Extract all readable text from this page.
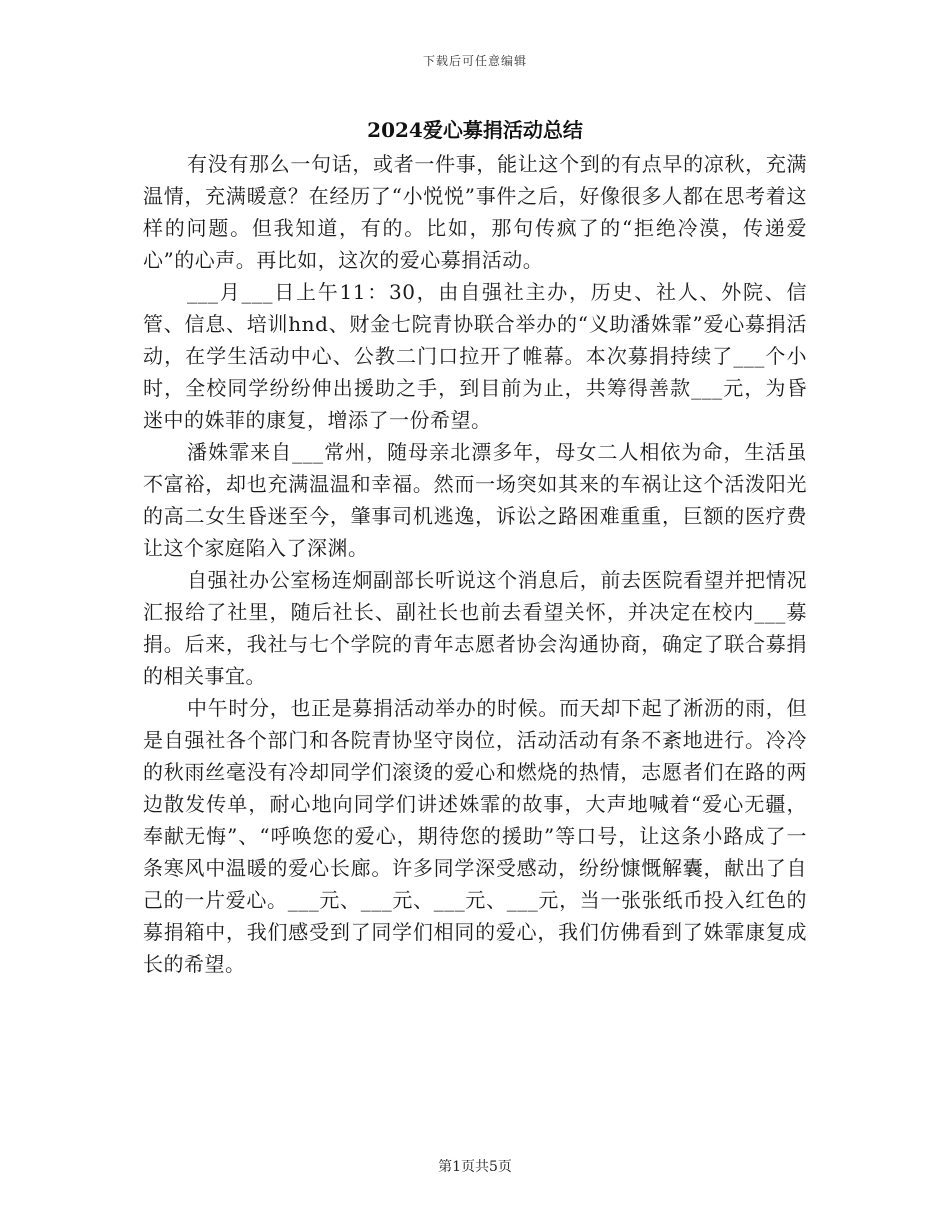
下载后可任意编辑
2024爱心募捐活动总结

有没有那么一句话，或者一件事，能让这个到的有点早的凉秋，充满温情，充满暖意？在经历了“小悦悦”事件之后，好像很多人都在思考着这样的问题。但我知道，有的。比如，那句传疯了的“拒绝冷漠，传递爱心”的心声。再比如，这次的爱心募捐活动。

___月___日上午11：30，由自强社主办，历史、社人、外院、信管、信息、培训hnd、财金七院青协联合举办的“义助潘姝霏”爱心募捐活动，在学生活动中心、公教二门口拉开了帷幕。本次募捐持续了___个小时，全校同学纷纷伸出援助之手，到目前为止，共筹得善款___元，为昏迷中的姝菲的康复，增添了一份希望。

潘姝霏来自___常州，随母亲北漂多年，母女二人相依为命，生活虽不富裕，却也充满温温和幸福。然而一场突如其来的车祸让这个活泼阳光的高二女生昏迷至今，肇事司机逃逸，诉讼之路困难重重，巨额的医疗费让这个家庭陷入了深渊。

自强社办公室杨连炯副部长听说这个消息后，前去医院看望并把情况汇报给了社里，随后社长、副社长也前去看望关怀，并决定在校内___募捐。后来，我社与七个学院的青年志愿者协会沟通协商，确定了联合募捐的相关事宜。

中午时分，也正是募捐活动举办的时候。而天却下起了淅沥的雨，但是自强社各个部门和各院青协坚守岗位，活动活动有条不紊地进行。冷冷的秋雨丝毫没有冷却同学们滚烫的爱心和燃烧的热情，志愿者们在路的两边散发传单，耐心地向同学们讲述姝霏的故事，大声地喊着“爱心无疆，奉献无悔”、“呼唤您的爱心，期待您的援助”等口号，让这条小路成了一条寒风中温暖的爱心长廊。许多同学深受感动，纷纷慷慨解囊，献出了自己的一片爱心。___元、___元、___元、___元，当一张张纸币投入红色的募捐箱中，我们感受到了同学们相同的爱心，我们仿佛看到了姝霏康复成长的希望。

第1页共5页
